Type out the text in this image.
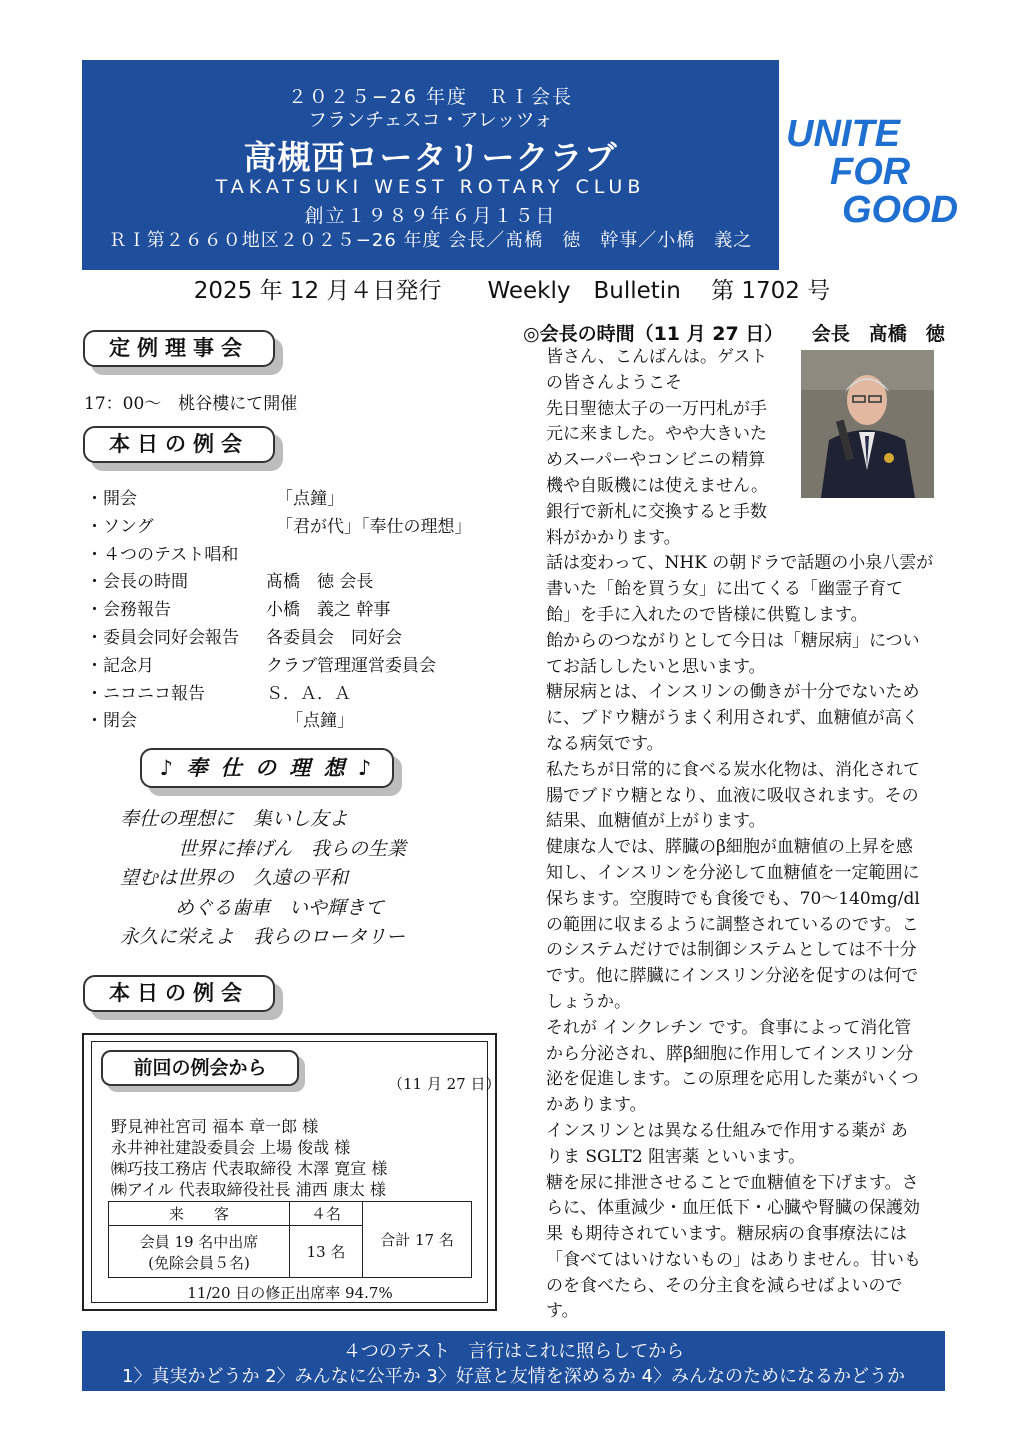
２０２５−26 年度　ＲＩ会長
フランチェスコ・アレッツォ
高槻西ロータリークラブ
TAKATSUKI WEST ROTARY CLUB
創立１９８９年６月１５日
ＲＩ第２６６０地区２０２５−26 年度 会長／髙橋　徳　幹事／小橋　義之
UNITE
FOR
GOOD
2025 年 12 月４日発行　　Weekly　Bulletin　 第 1702 号
定例理事会
17：00〜　桃谷樓にて開催
本日の例会
・開会	「点鐘」
・ソング	「君が代」「奉仕の理想」
・４つのテスト唱和
・会長の時間	髙橋　徳 会長
・会務報告	小橋　義之 幹事
・委員会同好会報告	各委員会　同好会
・記念月	クラブ管理運営委員会
・ニコニコ報告	Ｓ．Ａ．Ａ
・閉会	「点鐘」
♪ 奉 仕 の 理 想 ♪
奉仕の理想に　集いし友よ
世界に捧げん　我らの生業
望むは世界の　久遠の平和
めぐる歯車　いや輝きて
永久に栄えよ　我らのロータリー
本日の例会
前回の例会から
（11 月 27 日）
野見神社宮司 福本 章一郎 様
永井神社建設委員会 上場 俊哉 様
㈱巧技工務店 代表取締役 木澤 寛宣 様
㈱アイル 代表取締役社長 浦西 康太 様
来　　客	４名	合計 17 名

会員 19 名中出席
(免除会員５名)	13 名	
11/20 日の修正出席率 94.7%
◎会長の時間（11 月 27 日）　　会長　髙橋　徳

皆さん、こんばんは。ゲスト

の皆さんようこそ

先日聖徳太子の一万円札が手

元に来ました。やや大きいた

めスーパーやコンビニの精算

機や自販機には使えません。

銀行で新札に交換すると手数

料がかかります。

話は変わって、NHK の朝ドラで話題の小泉八雲が

書いた「飴を買う女」に出てくる「幽霊子育て

飴」を手に入れたので皆様に供覧します。

飴からのつながりとして今日は「糖尿病」につい

てお話ししたいと思います。

糖尿病とは、インスリンの働きが十分でないため

に、ブドウ糖がうまく利用されず、血糖値が高く

なる病気です。

私たちが日常的に食べる炭水化物は、消化されて

腸でブドウ糖となり、血液に吸収されます。その

結果、血糖値が上がります。

健康な人では、膵臓のβ細胞が血糖値の上昇を感

知し、インスリンを分泌して血糖値を一定範囲に

保ちます。空腹時でも食後でも、70〜140mg/dl

の範囲に収まるように調整されているのです。こ

のシステムだけでは制御システムとしては不十分

です。他に膵臓にインスリン分泌を促すのは何で

しょうか。

それが インクレチン です。食事によって消化管

から分泌され、膵β細胞に作用してインスリン分

泌を促進します。この原理を応用した薬がいくつ

かあります。

インスリンとは異なる仕組みで作用する薬が あ

りま SGLT2 阻害薬 といいます。

糖を尿に排泄させることで血糖値を下げます。さ

らに、体重減少・血圧低下・心臓や腎臓の保護効

果 も期待されています。糖尿病の食事療法には

「食べてはいけないもの」はありません。甘いも

のを食べたら、その分主食を減らせばよいので

す。

４つのテスト　言行はこれに照らしてから
1〉真実かどうか 2〉みんなに公平か 3〉好意と友情を深めるか 4〉みんなのためになるかどうか
